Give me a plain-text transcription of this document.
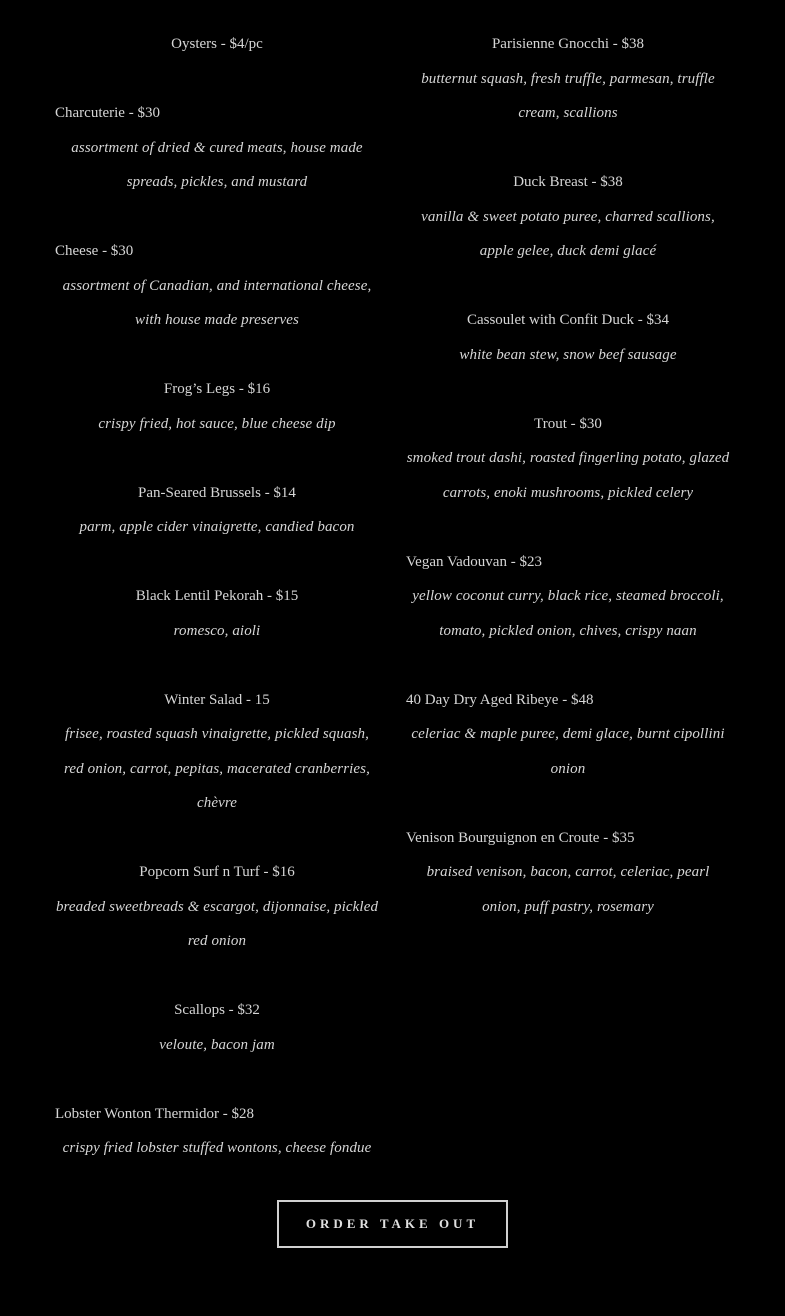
Oysters - $4/pc

Charcuterie - $30

assortment of dried & cured meats, house made spreads, pickles, and mustard

Cheese - $30

assortment of Canadian, and international cheese, with house made preserves

Frog’s Legs - $16

crispy fried, hot sauce, blue cheese dip

Pan-Seared Brussels - $14

parm, apple cider vinaigrette, candied bacon

Black Lentil Pekorah - $15

romesco, aioli

Winter Salad - 15

frisee, roasted squash vinaigrette, pickled squash, red onion, carrot, pepitas, macerated cranberries, chèvre

Popcorn Surf n Turf - $16

breaded sweetbreads & escargot, dijonnaise, pickled red onion

Scallops - $32

veloute, bacon jam

Lobster Wonton Thermidor - $28

crispy fried lobster stuffed wontons, cheese fondue

Parisienne Gnocchi - $38

butternut squash, fresh truffle, parmesan, truffle cream, scallions

Duck Breast - $38

vanilla & sweet potato puree, charred scallions, apple gelee, duck demi glacé

Cassoulet with Confit Duck - $34

white bean stew, snow beef sausage

Trout - $30

smoked trout dashi, roasted fingerling potato, glazed carrots, enoki mushrooms, pickled celery

Vegan Vadouvan - $23

yellow coconut curry, black rice, steamed broccoli, tomato, pickled onion, chives, crispy naan

40 Day Dry Aged Ribeye - $48

celeriac & maple puree, demi glace, burnt cipollini onion

Venison Bourguignon en Croute - $35

braised venison, bacon, carrot, celeriac, pearl onion, puff pastry, rosemary

ORDER TAKE OUT
